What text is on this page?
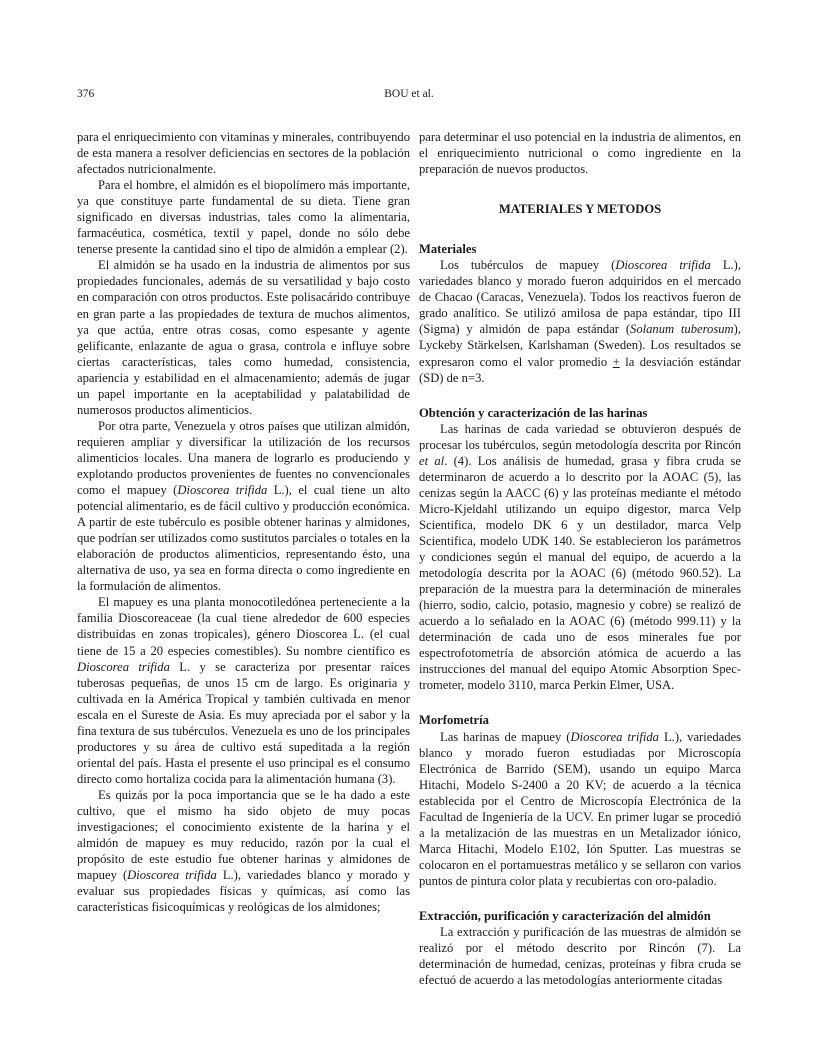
376	BOU et al.

para el enriquecimiento con vitaminas y minerales, contribuyendo de esta manera a resolver deficiencias en sectores de la población afectados nutricionalmente.

Para el hombre, el almidón es el biopolímero más importante, ya que constituye parte fundamental de su dieta. Tiene gran significado en diversas industrias, tales como la alimentaria, farmacéutica, cosmética, textil y papel, donde no sólo debe tenerse presente la cantidad sino el tipo de almidón a emplear (2).

El almidón se ha usado en la industria de alimentos por sus propiedades funcionales, además de su versatilidad y bajo costo en comparación con otros productos. Este polisacárido contribuye en gran parte a las propiedades de textura de muchos alimentos, ya que actúa, entre otras cosas, como espesante y agente gelificante, enlazante de agua o grasa, controla e influye sobre ciertas características, tales como humedad, consistencia, apariencia y estabilidad en el almacenamiento; además de jugar un papel importante en la aceptabilidad y palatabilidad de numerosos productos alimenticios.

Por otra parte, Venezuela y otros países que utilizan almidón, requieren ampliar y diversificar la utilización de los recursos alimenticios locales. Una manera de lograrlo es produciendo y explotando productos provenientes de fuentes no convencionales como el mapuey (Dioscorea trifida L.), el cual tiene un alto potencial alimentario, es de fácil cultivo y producción económica. A partir de este tubérculo es posible obtener harinas y almidones, que podrían ser utilizados como sustitutos parciales o totales en la elaboración de productos alimenticios, representando ésto, una alternativa de uso, ya sea en forma directa o como ingrediente en la formulación de alimentos.

El mapuey es una planta monocotiledónea perteneciente a la familia Dioscoreaceae (la cual tiene alrededor de 600 especies distribuidas en zonas tropicales), género Dioscorea L. (el cual tiene de 15 a 20 especies comestibles). Su nombre científico es Dioscorea trifida L. y se caracteriza por presentar raíces tuberosas pequeñas, de unos 15 cm de largo. Es originaria y cultivada en la América Tropical y también cultivada en menor escala en el Sureste de Asia. Es muy apreciada por el sabor y la fina textura de sus tubérculos. Venezuela es uno de los principales productores y su área de cultivo está supeditada a la región oriental del país. Hasta el presente el uso principal es el consumo directo como hortaliza cocida para la alimentación humana (3).

Es quizás por la poca importancia que se le ha dado a este cultivo, que el mismo ha sido objeto de muy pocas investigaciones; el conocimiento existente de la harina y el almidón de mapuey es muy reducido, razón por la cual el propósito de este estudio fue obtener harinas y almidones de mapuey (Dioscorea trifida L.), variedades blanco y morado y evaluar sus propiedades físicas y químicas, así como las características fisicoquímicas y reológicas de los almidones;

para determinar el uso potencial en la industria de alimentos, en el enriquecimiento nutricional o como ingrediente en la preparación de nuevos productos.

MATERIALES Y METODOS
Materiales

Los tubérculos de mapuey (Dioscorea trifida L.), variedades blanco y morado fueron adquiridos en el mercado de Chacao (Caracas, Venezuela). Todos los reactivos fueron de grado analítico. Se utilizó amilosa de papa estándar, tipo III (Sigma) y almidón de papa estándar (Solanum tuberosum), Lyckeby Stärkelsen, Karlshaman (Sweden). Los resultados se expresaron como el valor promedio + la desviación estándar (SD) de n=3.

Obtención y caracterización de las harinas

Las harinas de cada variedad se obtuvieron después de procesar los tubérculos, según metodología descrita por Rincón et al. (4). Los análisis de humedad, grasa y fibra cruda se determinaron de acuerdo a lo descrito por la AOAC (5), las cenizas según la AACC (6) y las proteínas mediante el método Micro-Kjeldahl utilizando un equipo digestor, marca Velp Scientifica, modelo DK 6 y un destilador, marca Velp Scientifica, modelo UDK 140. Se establecieron los parámetros y condiciones según el manual del equipo, de acuerdo a la metodología descrita por la AOAC (6) (método 960.52). La preparación de la muestra para la determinación de minerales (hierro, sodio, calcio, potasio, magnesio y cobre) se realizó de acuerdo a lo señalado en la AOAC (6) (método 999.11) y la determinación de cada uno de esos minerales fue por espectrofotometría de absorción atómica de acuerdo a las instrucciones del manual del equipo Atomic Absorption Spectrometer, modelo 3110, marca Perkin Elmer, USA.

Morfometría

Las harinas de mapuey (Dioscorea trifida L.), variedades blanco y morado fueron estudiadas por Microscopía Electrónica de Barrido (SEM), usando un equipo Marca Hitachi, Modelo S-2400 a 20 KV; de acuerdo a la técnica establecida por el Centro de Microscopía Electrónica de la Facultad de Ingeniería de la UCV. En primer lugar se procedió a la metalización de las muestras en un Metalizador iónico, Marca Hitachi, Modelo E102, Ión Sputter. Las muestras se colocaron en el portamuestras metálico y se sellaron con varios puntos de pintura color plata y recubiertas con oro-paladio.

Extracción, purificación y caracterización del almidón

La extracción y purificación de las muestras de almidón se realizó por el método descrito por Rincón (7). La determinación de humedad, cenizas, proteínas y fibra cruda se efectuó de acuerdo a las metodologías anteriormente citadas
